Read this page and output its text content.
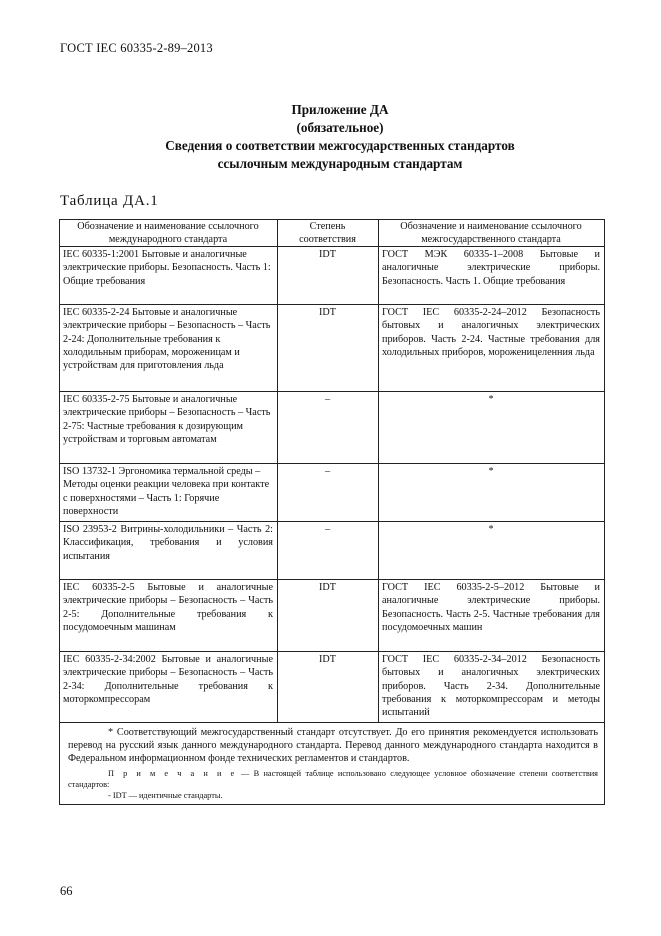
ГОСТ IEC 60335-2-89–2013
Приложение ДА
(обязательное)
Сведения о соответствии межгосударственных стандартов
ссылочным международным стандартам
Таблица ДА.1
Обозначение и наименование ссылочного международного стандарта	Степень соответствия	Обозначение и наименование ссылочного межгосударственного стандарта
IEC 60335-1:2001 Бытовые и аналогичные электрические приборы. Безопасность. Часть 1: Общие требования	IDT	ГОСТ МЭК 60335-1–2008 Бытовые и аналогичные электрические приборы. Безопасность. Часть 1. Общие требования
IEC 60335-2-24 Бытовые и аналогичные электрические приборы – Безопасность – Часть 2-24: Дополнительные требования к холодильным приборам, мороженицам и устройствам для приготовления льда	IDT	ГОСТ IEC 60335-2-24–2012 Безопасность бытовых и аналогичных электрических приборов. Часть 2-24. Частные требования для холодильных приборов, мороженицеленния льда
IEC 60335-2-75 Бытовые и аналогичные электрические приборы – Безопасность – Часть 2-75: Частные требования к дозирующим устройствам и торговым автоматам	–	*
ISO 13732-1 Эргономика термальной среды – Методы оценки реакции человека при контакте с поверхностями – Часть 1: Горячие поверхности	–	*
ISO 23953-2 Витрины-холодильники – Часть 2: Классификация, требования и условия испытания	–	*
IEC 60335-2-5 Бытовые и аналогичные электрические приборы – Безопасность – Часть 2-5: Дополнительные требования к посудомоечным машинам	IDT	ГОСТ IEC 60335-2-5–2012 Бытовые и аналогичные электрические приборы. Безопасность. Часть 2-5. Частные требования для посудомоечных машин
IEC 60335-2-34:2002 Бытовые и аналогичные электрические приборы – Безопасность – Часть 2-34: Дополнительные требования к моторкомпрессорам	IDT	ГОСТ IEC 60335-2-34–2012 Безопасность бытовых и аналогичных электрических приборов. Часть 2-34. Дополнительные требования к моторкомпрессорам и методы испытаний

* Соответствующий межгосударственный стандарт отсутствует. До его принятия рекомендуется использовать перевод на русский язык данного международного стандарта. Перевод данного международного стандарта находится в Федеральном информационном фонде технических регламентов и стандартов.

П р и м е ч а н и е — В настоящей таблице использовано следующее условное обозначение степени соответствия стандартов:

- IDT — идентичные стандарты.		

66
